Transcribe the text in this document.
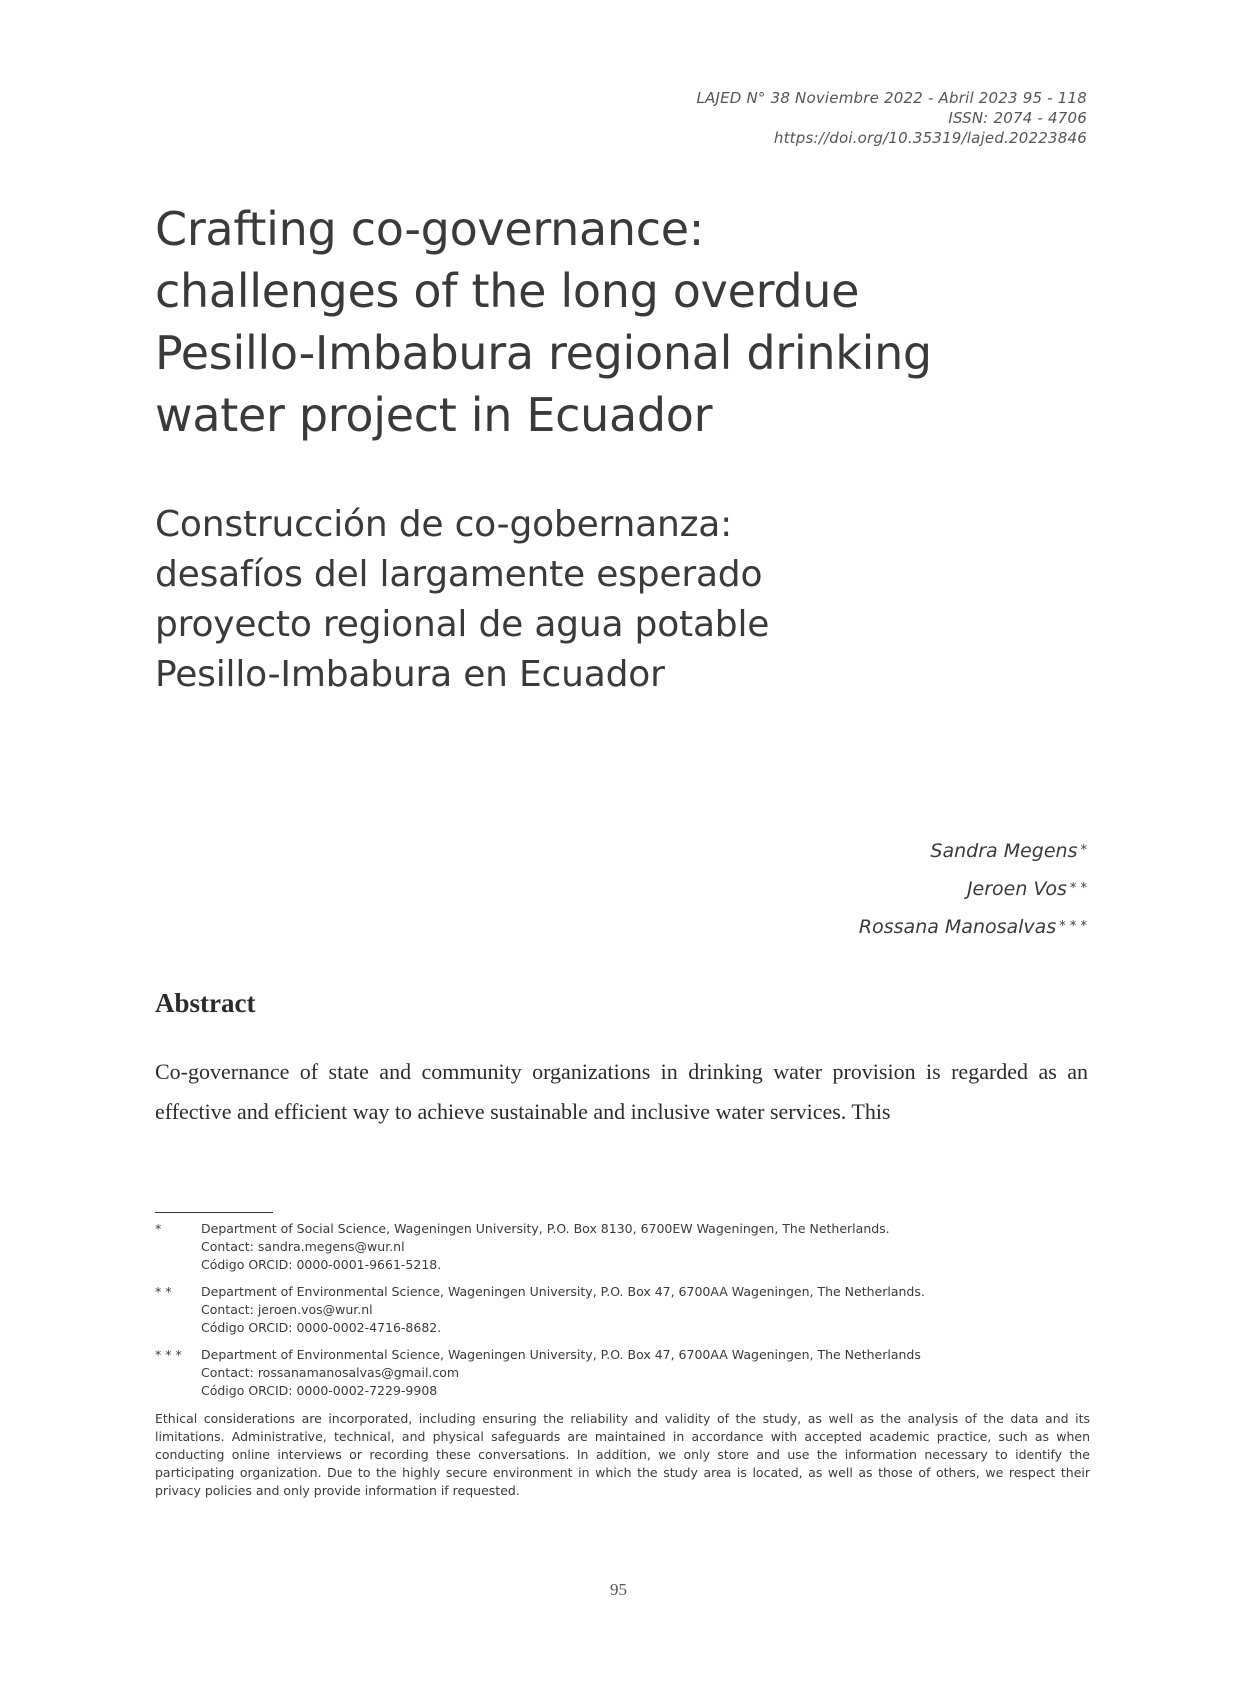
LAJED N° 38 Noviembre 2022 - Abril 2023 95 - 118
ISSN: 2074 - 4706
https://doi.org/10.35319/lajed.20223846
Crafting co-governance:
challenges of the long overdue
Pesillo-Imbabura regional drinking
water project in Ecuador
Construcción de co-gobernanza:
desafíos del largamente esperado
proyecto regional de agua potable
Pesillo-Imbabura en Ecuador
Sandra Megens *
Jeroen Vos * *
Rossana Manosalvas * * *
Abstract

Co-governance of state and community organizations in drinking water provision is regarded as an effective and efficient way to achieve sustainable and inclusive water services. This

*	Department of Social Science, Wageningen University, P.O. Box 8130, 6700EW Wageningen, The Netherlands.
Contact: sandra.megens@wur.nl
Código ORCID: 0000-0001-9661-5218.
* *	Department of Environmental Science, Wageningen University, P.O. Box 47, 6700AA Wageningen, The Netherlands.
Contact: jeroen.vos@wur.nl
Código ORCID: 0000-0002-4716-8682.
* * *	Department of Environmental Science, Wageningen University, P.O. Box 47, 6700AA Wageningen, The Netherlands
Contact: rossanamanosalvas@gmail.com
Código ORCID: 0000-0002-7229-9908

Ethical considerations are incorporated, including ensuring the reliability and validity of the study, as well as the analysis of the data and its limitations. Administrative, technical, and physical safeguards are maintained in accordance with accepted academic practice, such as when conducting online interviews or recording these conversations. In addition, we only store and use the information necessary to identify the participating organization. Due to the highly secure environment in which the study area is located, as well as those of others, we respect their privacy policies and only provide information if requested.

95
